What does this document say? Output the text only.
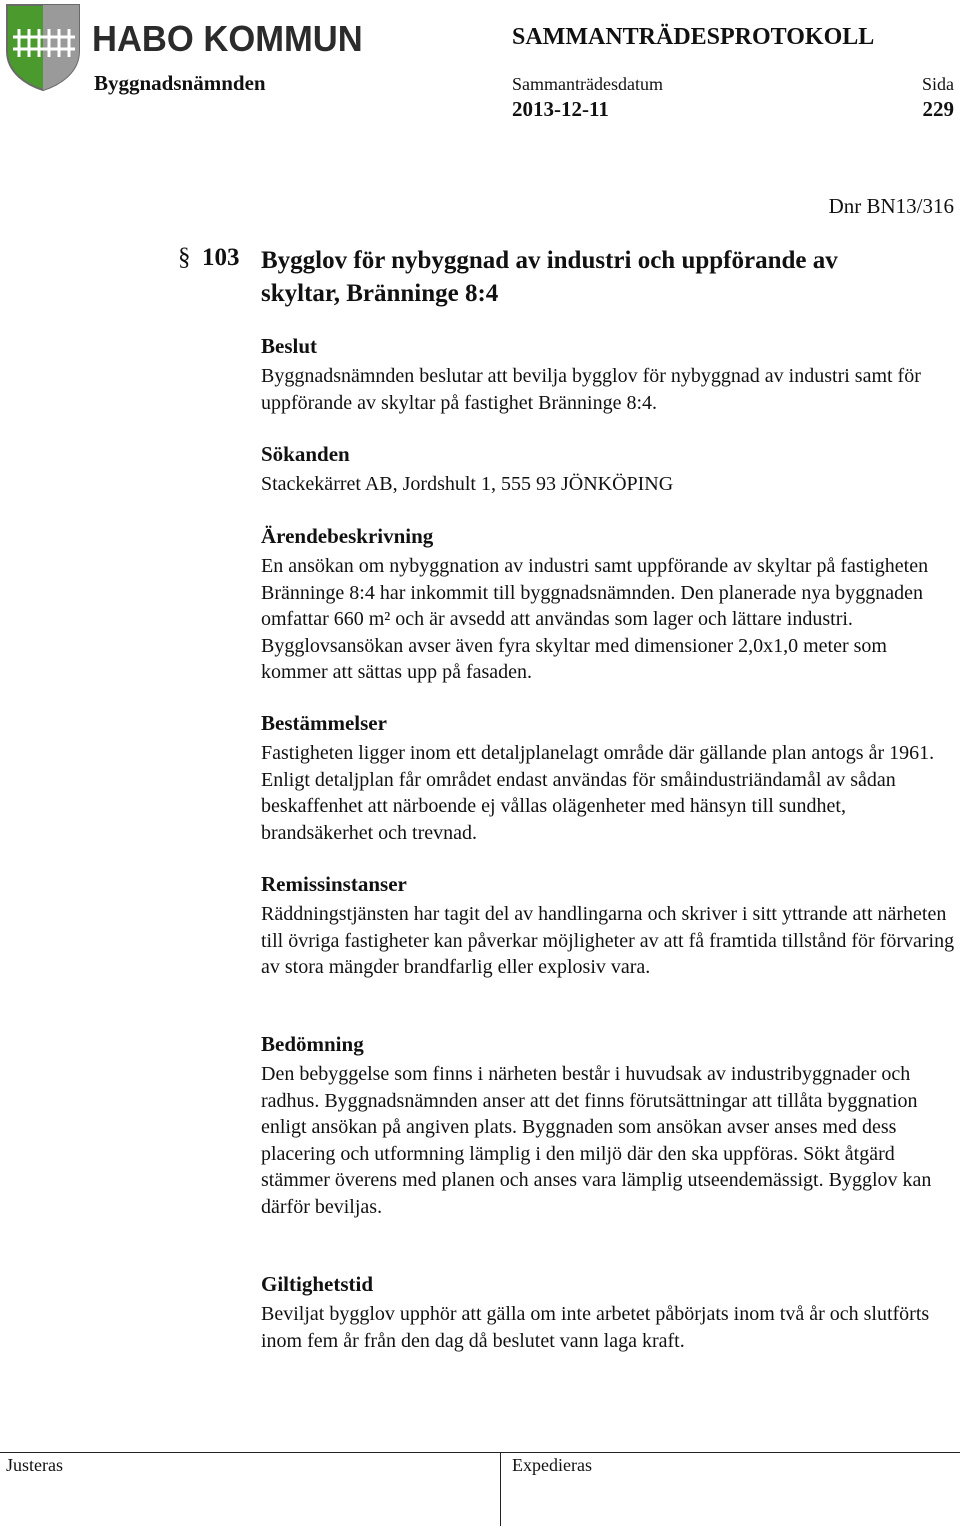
HABO KOMMUN	SAMMANTRÄDESPROTOKOLL
Byggnadsnämnden	Sammanträdesdatum
2013-12-11
Sida
229
Dnr BN13/316
§ 103 Bygglov för nybyggnad av industri och uppförande av skyltar, Bränninge 8:4

Beslut

Byggnadsnämnden beslutar att bevilja bygglov för nybyggnad av industri samt för uppförande av skyltar på fastighet Bränninge 8:4.

Sökanden

Stackekärret AB, Jordshult 1, 555 93 JÖNKÖPING

Ärendebeskrivning

En ansökan om nybyggnation av industri samt uppförande av skyltar på fastigheten Bränninge 8:4 har inkommit till byggnadsnämnden. Den planerade nya byggnaden omfattar 660 m² och är avsedd att användas som lager och lättare industri. Bygglovsansökan avser även fyra skyltar med dimensioner 2,0x1,0 meter som kommer att sättas upp på fasaden.

Bestämmelser

Fastigheten ligger inom ett detaljplanelagt område där gällande plan antogs år 1961. Enligt detaljplan får området endast användas för småindustriändamål av sådan beskaffenhet att närboende ej vållas olägenheter med hänsyn till sundhet, brandsäkerhet och trevnad.

Remissinstanser

Räddningstjänsten har tagit del av handlingarna och skriver i sitt yttrande att närheten till övriga fastigheter kan påverkar möjligheter av att få framtida tillstånd för förvaring av stora mängder brandfarlig eller explosiv vara.

Bedömning

Den bebyggelse som finns i närheten består i huvudsak av industribyggnader och radhus. Byggnadsnämnden anser att det finns förutsättningar att tillåta byggnation enligt ansökan på angiven plats. Byggnaden som ansökan avser anses med dess placering och utformning lämplig i den miljö där den ska uppföras. Sökt åtgärd stämmer överens med planen och anses vara lämplig utseendemässigt. Bygglov kan därför beviljas.

Giltighetstid

Beviljat bygglov upphör att gälla om inte arbetet påbörjats inom två år och slutförts inom fem år från den dag då beslutet vann laga kraft.

Justeras	Expedieras
